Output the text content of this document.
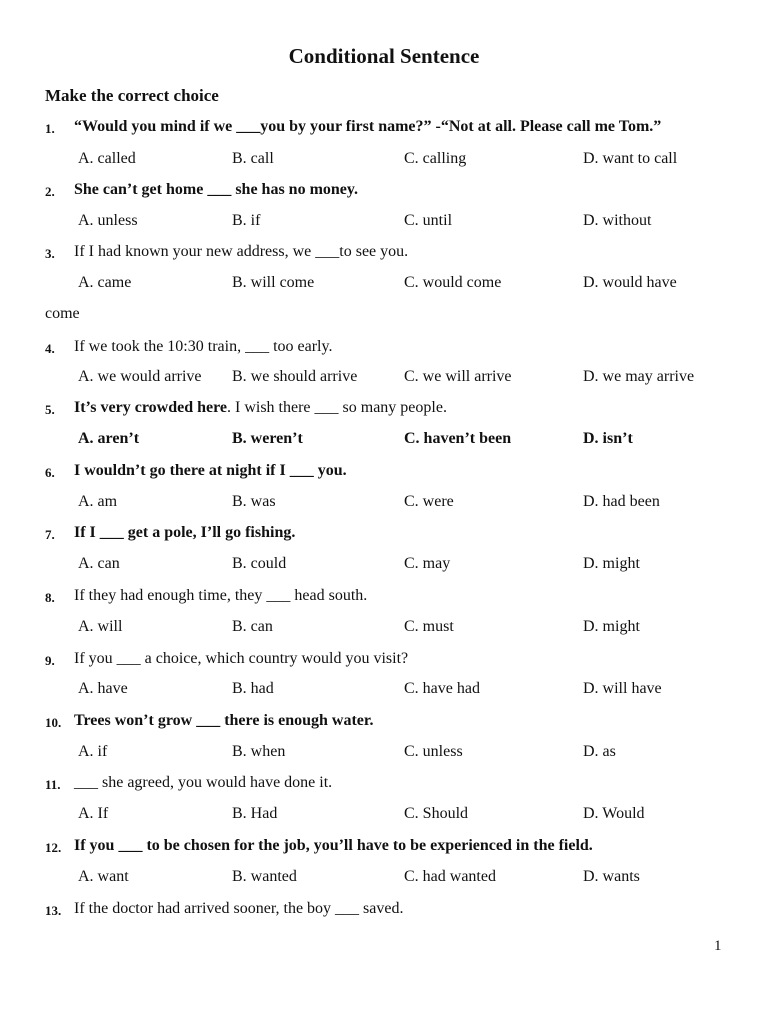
Conditional Sentence
Make the correct choice
1. “Would you mind if we ___you by your first name?” -“Not at all. Please call me Tom.”
A. called	B. call	C. calling	D. want to call
2. She can’t get home ___ she has no money.
A. unless	B. if	C. until	D. without
3. If I had known your new address, we ___to see you.
A. came	B. will come	C. would come	D. would have
come
4. If we took the 10:30 train, ___ too early.
A. we would arrive B. we should arrive	C. we will arrive	D. we may arrive
5. It’s very crowded here. I wish there ___ so many people.
A. aren’t	B. weren’t	C. haven’t been	D. isn’t
6. I wouldn’t go there at night if I ___ you.
A. am	B. was	C. were	D. had been
7. If I ___ get a pole, I’ll go fishing.
A. can	B. could	C. may	D. might
8. If they had enough time, they ___ head south.
A. will	B. can	C. must	D. might
9. If you ___ a choice, which country would you visit?
A. have	B. had	C. have had	D. will have
10. Trees won’t grow ___ there is enough water.
A. if	B. when	C. unless	D. as
11. ___ she agreed, you would have done it.
A. If	B. Had	C. Should	D. Would
12. If you ___ to be chosen for the job, you’ll have to be experienced in the field.
A. want	B. wanted	C. had wanted	D. wants
13. If the doctor had arrived sooner, the boy ___ saved.
1
